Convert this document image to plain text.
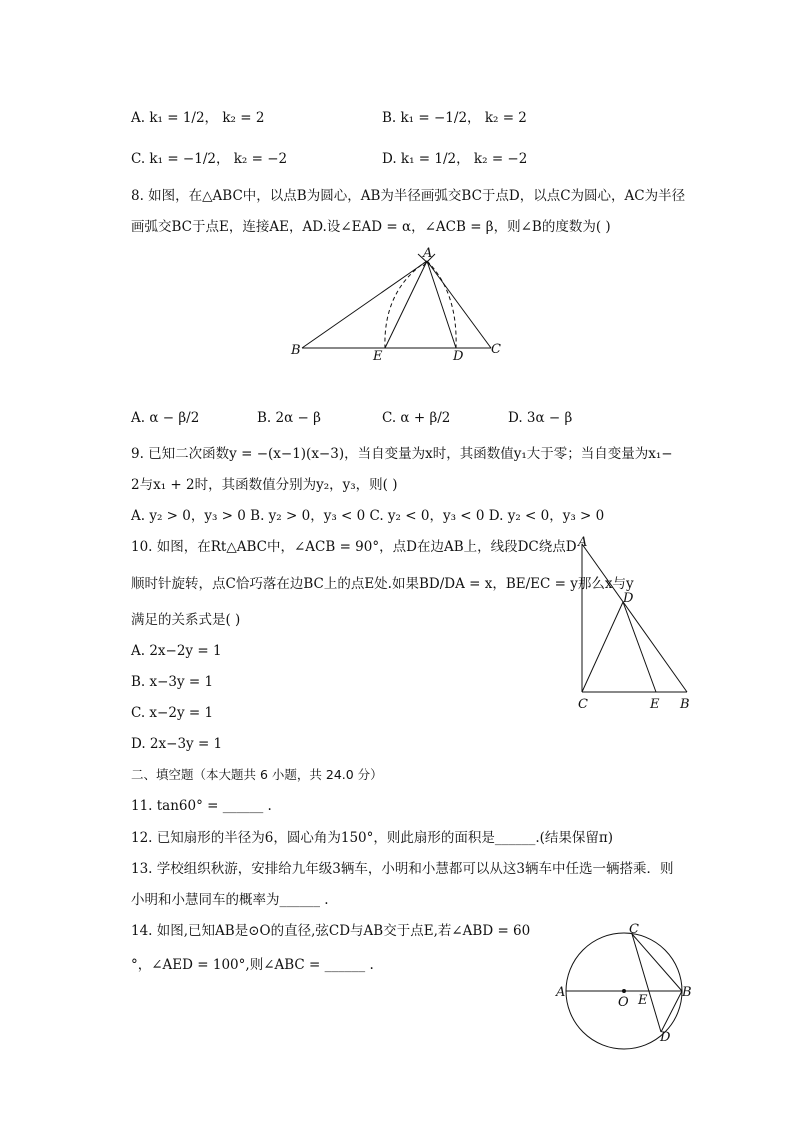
A. k₁ = 1/2， k₂ = 2	B. k₁ = −1/2， k₂ = 2
C. k₁ = −1/2， k₂ = −2	D. k₁ = 1/2， k₂ = −2
8. 如图，在△ABC中，以点B为圆心，AB为半径画弧交BC于点D，以点C为圆心，AC为半径
画弧交BC于点E，连接AE，AD.设∠EAD = α，∠ACB = β，则∠B的度数为( )
A
B	C
D
E
A. α − β/2	B. 2α − β	C. α + β/2	D. 3α − β
9. 已知二次函数y = −(x−1)(x−3)，当自变量为x时，其函数值y₁大于零；当自变量为x₁−
2与x₁ + 2时，其函数值分别为y₂，y₃，则( )
A. y₂ > 0，y₃ > 0 B. y₂ > 0，y₃ < 0 C. y₂ < 0，y₃ < 0 D. y₂ < 0，y₃ > 0
10. 如图，在Rt△ABC中，∠ACB = 90°，点D在边AB上，线段DC绕点D
顺时针旋转，点C恰巧落在边BC上的点E处.如果BD/DA = x，BE/EC = y那么x与y
满足的关系式是( )
A. 2x−2y = 1
B. x−3y = 1
C. x−2y = 1
D. 2x−3y = 1
A
D
C	E B
二、填空题（本大题共 6 小题，共 24.0 分）
11. tan60° = ______ .
12. 已知扇形的半径为6，圆心角为150°，则此扇形的面积是______.(结果保留π)
13. 学校组织秋游，安排给九年级3辆车，小明和小慧都可以从这3辆车中任选一辆搭乘．则
小明和小慧同车的概率为______ .
14. 如图,已知AB是⊙O的直径,弦CD与AB交于点E,若∠ABD = 60
°，∠AED = 100°,则∠ABC = ______ .
A	B
C
D
E
O
